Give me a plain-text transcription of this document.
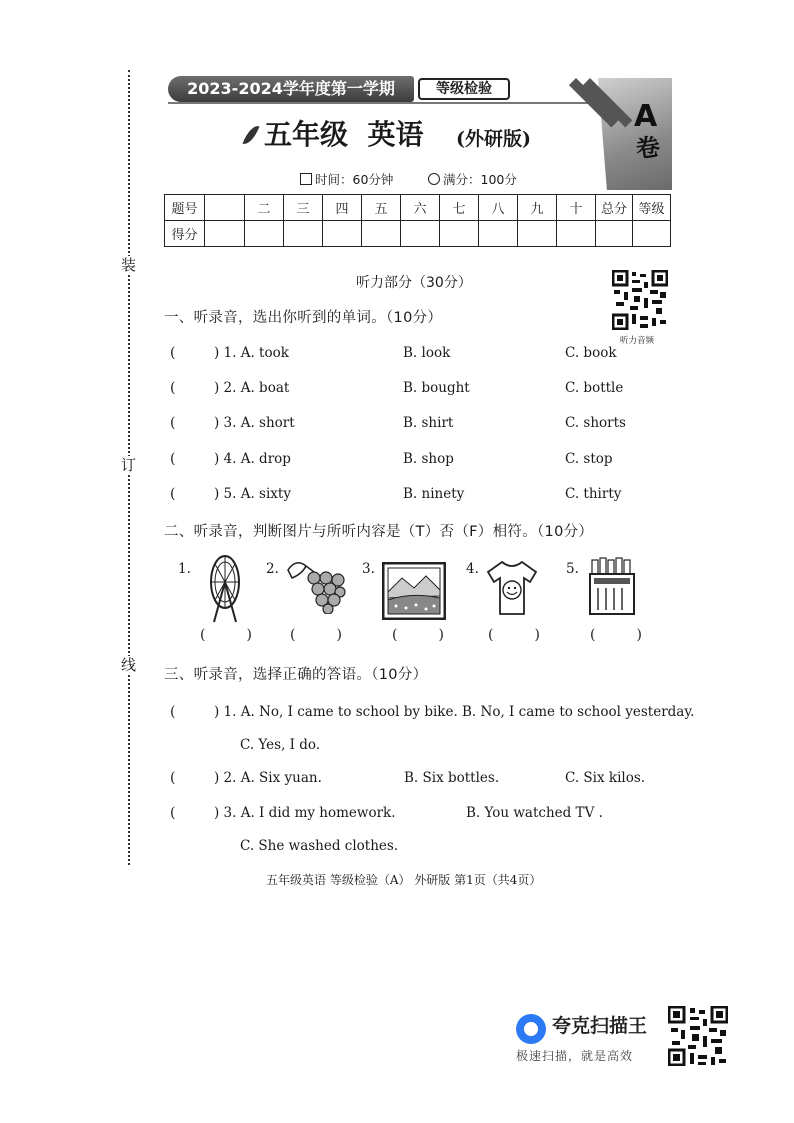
装
订
线
2023-2024学年度第一学期	等级检验
A
卷
五年级  英语 (外研版)
时间：60分钟	满分：100分
题号		二	三	四	五	六	七	八	九	十	总分	等级
得分												
听力部分（30分）
听力音频
一、听录音，选出你听到的单词。（10分）
(	) 1. A. took	B. look	C. book
(	) 2. A. boat	B. bought	C. bottle
(	) 3. A. short	B. shirt	C. shorts
(	) 4. A. drop	B. shop	C. stop
(	) 5. A. sixty	B. ninety	C. thirty
二、听录音，判断图片与所听内容是（T）否（F）相符。（10分）
1.
(	)
2.
(	)
3.
(	)
4.
(	)
5.
(	)
三、听录音，选择正确的答语。（10分）
(	) 1. A. No, I came to school by bike. B. No, I came to school yesterday.
C. Yes, I do.
(	) 2. A. Six yuan.	B. Six bottles.	C. Six kilos.
(	) 3. A. I did my homework.	B. You watched TV .
C. She washed clothes.
五年级英语 等级检验（A） 外研版 第1页（共4页）
夸克扫描王
极速扫描，就是高效
